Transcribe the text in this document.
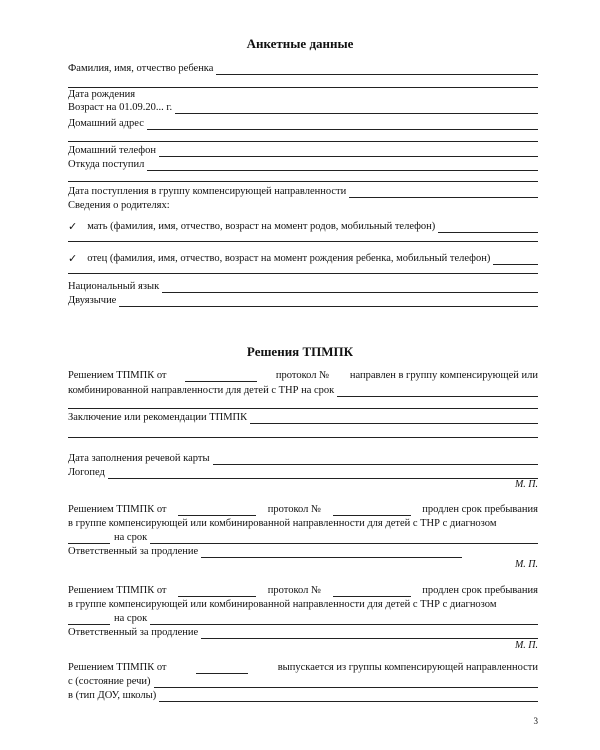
Анкетные данные
Фамилия, имя, отчество ребенка
Дата рождения
Возраст на 01.09.20... г.
Домашний адрес
Домашний телефон
Откуда поступил
Дата поступления в группу компенсирующей направленности
Сведения о родителях:
✓ мать (фамилия, имя, отчество, возраст на момент родов, мобильный телефон)
✓ отец (фамилия, имя, отчество, возраст на момент рождения ребенка, мобильный телефон)
Национальный язык
Двуязычие
Решения ТПМПК
Решением ТПМПК от	протокол № направлен в группу компенсирующей или
комбинированной направленности для детей с ТНР на срок
Заключение или рекомендации ТПМПК
Дата заполнения речевой карты
Логопед
М. П.
Решением ТПМПК от	протокол №	продлен срок пребывания
в группе компенсирующей или комбинированной направленности для детей с ТНР с диагнозом
на срок
Ответственный за продление
М. П.
Решением ТПМПК от	протокол №	продлен срок пребывания
в группе компенсирующей или комбинированной направленности для детей с ТНР с диагнозом
на срок
Ответственный за продление
М. П.
Решением ТПМПК от	выпускается из группы компенсирующей направленности
с (состояние речи)
в (тип ДОУ, школы)
3
